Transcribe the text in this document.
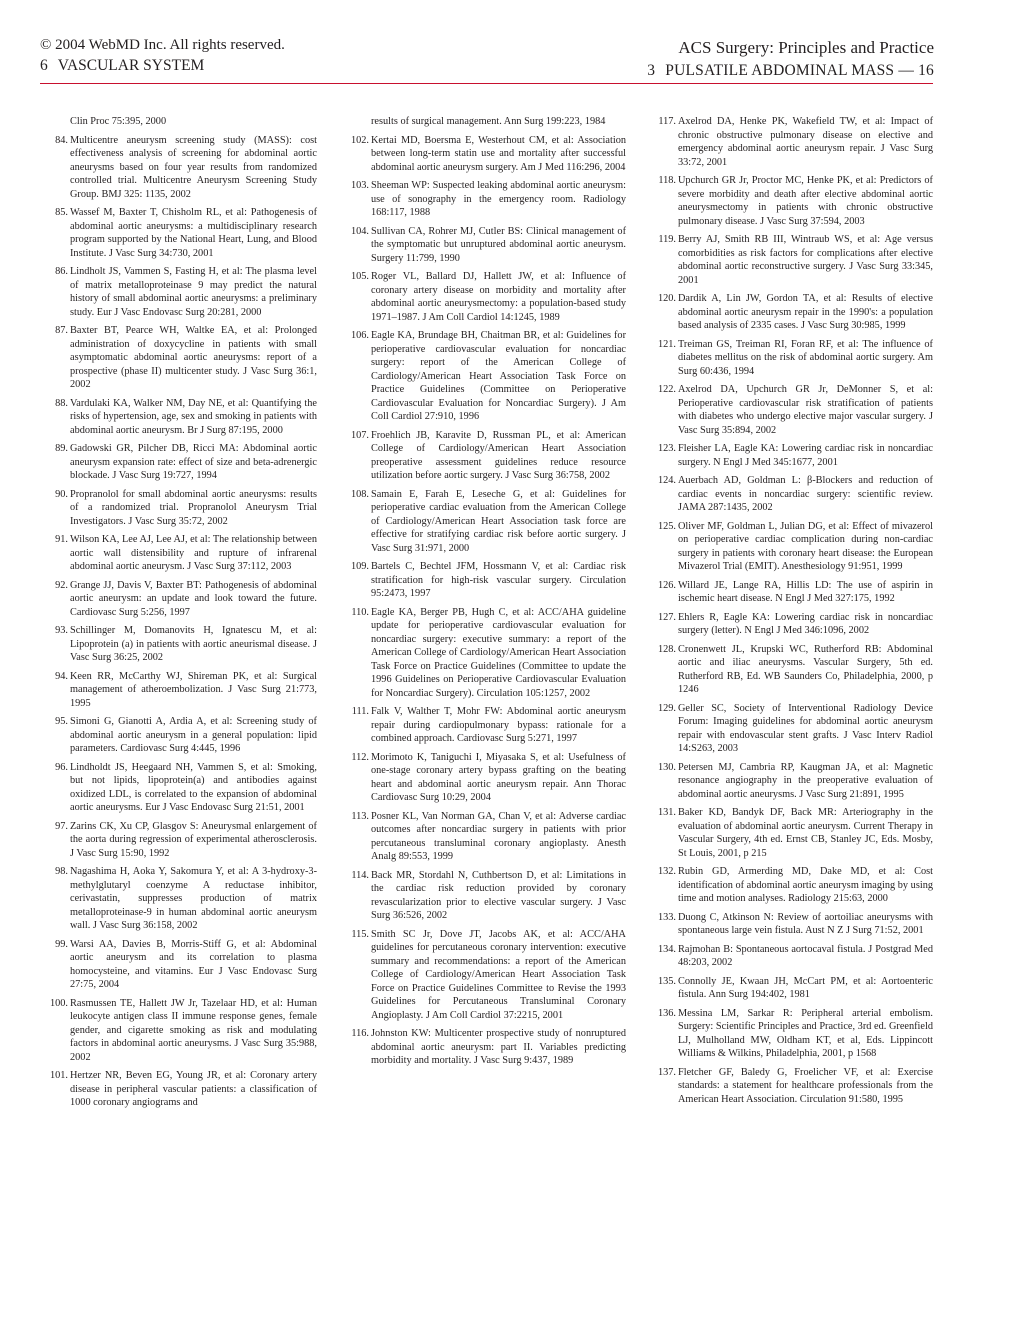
© 2004 WebMD Inc. All rights reserved.
6 VASCULAR SYSTEM
ACS Surgery: Principles and Practice
3 PULSATILE ABDOMINAL MASS — 16
Clin Proc 75:395, 2000
84. Multicentre aneurysm screening study (MASS): cost effectiveness analysis of screening for abdominal aortic aneurysms based on four year results from randomized controlled trial. Multicentre Aneurysm Screening Study Group. BMJ 325: 1135, 2002
85. Wassef M, Baxter T, Chisholm RL, et al: Pathogenesis of abdominal aortic aneurysms: a multidisciplinary research program supported by the National Heart, Lung, and Blood Institute. J Vasc Surg 34:730, 2001
86. Lindholt JS, Vammen S, Fasting H, et al: The plasma level of matrix metalloproteinase 9 may predict the natural history of small abdominal aortic aneurysms: a preliminary study. Eur J Vasc Endovasc Surg 20:281, 2000
87. Baxter BT, Pearce WH, Waltke EA, et al: Prolonged administration of doxycycline in patients with small asymptomatic abdominal aortic aneurysms: report of a prospective (phase II) multicenter study. J Vasc Surg 36:1, 2002
88. Vardulaki KA, Walker NM, Day NE, et al: Quantifying the risks of hypertension, age, sex and smoking in patients with abdominal aortic aneurysm. Br J Surg 87:195, 2000
89. Gadowski GR, Pilcher DB, Ricci MA: Abdominal aortic aneurysm expansion rate: effect of size and beta-adrenergic blockade. J Vasc Surg 19:727, 1994
90. Propranolol for small abdominal aortic aneurysms: results of a randomized trial. Propranolol Aneurysm Trial Investigators. J Vasc Surg 35:72, 2002
91. Wilson KA, Lee AJ, Lee AJ, et al: The relationship between aortic wall distensibility and rupture of infrarenal abdominal aortic aneurysm. J Vasc Surg 37:112, 2003
92. Grange JJ, Davis V, Baxter BT: Pathogenesis of abdominal aortic aneurysm: an update and look toward the future. Cardiovasc Surg 5:256, 1997
93. Schillinger M, Domanovits H, Ignatescu M, et al: Lipoprotein (a) in patients with aortic aneurismal disease. J Vasc Surg 36:25, 2002
94. Keen RR, McCarthy WJ, Shireman PK, et al: Surgical management of atheroembolization. J Vasc Surg 21:773, 1995
95. Simoni G, Gianotti A, Ardia A, et al: Screening study of abdominal aortic aneurysm in a general population: lipid parameters. Cardiovasc Surg 4:445, 1996
96. Lindholdt JS, Heegaard NH, Vammen S, et al: Smoking, but not lipids, lipoprotein(a) and antibodies against oxidized LDL, is correlated to the expansion of abdominal aortic aneurysms. Eur J Vasc Endovasc Surg 21:51, 2001
97. Zarins CK, Xu CP, Glasgov S: Aneurysmal enlargement of the aorta during regression of experimental atherosclerosis. J Vasc Surg 15:90, 1992
98. Nagashima H, Aoka Y, Sakomura Y, et al: A 3-hydroxy-3-methylglutaryl coenzyme A reductase inhibitor, cerivastatin, suppresses production of matrix metalloproteinase-9 in human abdominal aortic aneurysm wall. J Vasc Surg 36:158, 2002
99. Warsi AA, Davies B, Morris-Stiff G, et al: Abdominal aortic aneurysm and its correlation to plasma homocysteine, and vitamins. Eur J Vasc Endovasc Surg 27:75, 2004
100. Rasmussen TE, Hallett JW Jr, Tazelaar HD, et al: Human leukocyte antigen class II immune response genes, female gender, and cigarette smoking as risk and modulating factors in abdominal aortic aneurysms. J Vasc Surg 35:988, 2002
101. Hertzer NR, Beven EG, Young JR, et al: Coronary artery disease in peripheral vascular patients: a classification of 1000 coronary angiograms and
results of surgical management. Ann Surg 199:223, 1984
102. Kertai MD, Boersma E, Westerhout CM, et al: Association between long-term statin use and mortality after successful abdominal aortic aneurysm surgery. Am J Med 116:296, 2004
103. Sheeman WP: Suspected leaking abdominal aortic aneurysm: use of sonography in the emergency room. Radiology 168:117, 1988
104. Sullivan CA, Rohrer MJ, Cutler BS: Clinical management of the symptomatic but unruptured abdominal aortic aneurysm. Surgery 11:799, 1990
105. Roger VL, Ballard DJ, Hallett JW, et al: Influence of coronary artery disease on morbidity and mortality after abdominal aortic aneurysmectomy: a population-based study 1971–1987. J Am Coll Cardiol 14:1245, 1989
106. Eagle KA, Brundage BH, Chaitman BR, et al: Guidelines for perioperative cardiovascular evaluation for noncardiac surgery: report of the American College of Cardiology/American Heart Association Task Force on Practice Guidelines (Committee on Perioperative Cardiovascular Evaluation for Noncardiac Surgery). J Am Coll Cardiol 27:910, 1996
107. Froehlich JB, Karavite D, Russman PL, et al: American College of Cardiology/American Heart Association preoperative assessment guidelines reduce resource utilization before aortic surgery. J Vasc Surg 36:758, 2002
108. Samain E, Farah E, Leseche G, et al: Guidelines for perioperative cardiac evaluation from the American College of Cardiology/American Heart Association task force are effective for stratifying cardiac risk before aortic surgery. J Vasc Surg 31:971, 2000
109. Bartels C, Bechtel JFM, Hossmann V, et al: Cardiac risk stratification for high-risk vascular surgery. Circulation 95:2473, 1997
110. Eagle KA, Berger PB, Hugh C, et al: ACC/AHA guideline update for perioperative cardiovascular evaluation for noncardiac surgery: executive summary: a report of the American College of Cardiology/American Heart Association Task Force on Practice Guidelines (Committee to update the 1996 Guidelines on Perioperative Cardiovascular Evaluation for Noncardiac Surgery). Circulation 105:1257, 2002
111. Falk V, Walther T, Mohr FW: Abdominal aortic aneurysm repair during cardiopulmonary bypass: rationale for a combined approach. Cardiovasc Surg 5:271, 1997
112. Morimoto K, Taniguchi I, Miyasaka S, et al: Usefulness of one-stage coronary artery bypass grafting on the beating heart and abdominal aortic aneurysm repair. Ann Thorac Cardiovasc Surg 10:29, 2004
113. Posner KL, Van Norman GA, Chan V, et al: Adverse cardiac outcomes after noncardiac surgery in patients with prior percutaneous transluminal coronary angioplasty. Anesth Analg 89:553, 1999
114. Back MR, Stordahl N, Cuthbertson D, et al: Limitations in the cardiac risk reduction provided by coronary revascularization prior to elective vascular surgery. J Vasc Surg 36:526, 2002
115. Smith SC Jr, Dove JT, Jacobs AK, et al: ACC/AHA guidelines for percutaneous coronary intervention: executive summary and recommendations: a report of the American College of Cardiology/American Heart Association Task Force on Practice Guidelines Committee to Revise the 1993 Guidelines for Percutaneous Transluminal Coronary Angioplasty. J Am Coll Cardiol 37:2215, 2001
116. Johnston KW: Multicenter prospective study of nonruptured abdominal aortic aneurysm: part II. Variables predicting morbidity and mortality. J Vasc Surg 9:437, 1989
117. Axelrod DA, Henke PK, Wakefield TW, et al: Impact of chronic obstructive pulmonary disease on elective and emergency abdominal aortic aneurysm repair. J Vasc Surg 33:72, 2001
118. Upchurch GR Jr, Proctor MC, Henke PK, et al: Predictors of severe morbidity and death after elective abdominal aortic aneurysmectomy in patients with chronic obstructive pulmonary disease. J Vasc Surg 37:594, 2003
119. Berry AJ, Smith RB III, Wintraub WS, et al: Age versus comorbidities as risk factors for complications after elective abdominal aortic reconstructive surgery. J Vasc Surg 33:345, 2001
120. Dardik A, Lin JW, Gordon TA, et al: Results of elective abdominal aortic aneurysm repair in the 1990's: a population based analysis of 2335 cases. J Vasc Surg 30:985, 1999
121. Treiman GS, Treiman RI, Foran RF, et al: The influence of diabetes mellitus on the risk of abdominal aortic surgery. Am Surg 60:436, 1994
122. Axelrod DA, Upchurch GR Jr, DeMonner S, et al: Perioperative cardiovascular risk stratification of patients with diabetes who undergo elective major vascular surgery. J Vasc Surg 35:894, 2002
123. Fleisher LA, Eagle KA: Lowering cardiac risk in noncardiac surgery. N Engl J Med 345:1677, 2001
124. Auerbach AD, Goldman L: β-Blockers and reduction of cardiac events in noncardiac surgery: scientific review. JAMA 287:1435, 2002
125. Oliver MF, Goldman L, Julian DG, et al: Effect of mivazerol on perioperative cardiac complication during non-cardiac surgery in patients with coronary heart disease: the European Mivazerol Trial (EMIT). Anesthesiology 91:951, 1999
126. Willard JE, Lange RA, Hillis LD: The use of aspirin in ischemic heart disease. N Engl J Med 327:175, 1992
127. Ehlers R, Eagle KA: Lowering cardiac risk in noncardiac surgery (letter). N Engl J Med 346:1096, 2002
128. Cronenwett JL, Krupski WC, Rutherford RB: Abdominal aortic and iliac aneurysms. Vascular Surgery, 5th ed. Rutherford RB, Ed. WB Saunders Co, Philadelphia, 2000, p 1246
129. Geller SC, Society of Interventional Radiology Device Forum: Imaging guidelines for abdominal aortic aneurysm repair with endovascular stent grafts. J Vasc Interv Radiol 14:S263, 2003
130. Petersen MJ, Cambria RP, Kaugman JA, et al: Magnetic resonance angiography in the preoperative evaluation of abdominal aortic aneurysms. J Vasc Surg 21:891, 1995
131. Baker KD, Bandyk DF, Back MR: Arteriography in the evaluation of abdominal aortic aneurysm. Current Therapy in Vascular Surgery, 4th ed. Ernst CB, Stanley JC, Eds. Mosby, St Louis, 2001, p 215
132. Rubin GD, Armerding MD, Dake MD, et al: Cost identification of abdominal aortic aneurysm imaging by using time and motion analyses. Radiology 215:63, 2000
133. Duong C, Atkinson N: Review of aortoiliac aneurysms with spontaneous large vein fistula. Aust N Z J Surg 71:52, 2001
134. Rajmohan B: Spontaneous aortocaval fistula. J Postgrad Med 48:203, 2002
135. Connolly JE, Kwaan JH, McCart PM, et al: Aortoenteric fistula. Ann Surg 194:402, 1981
136. Messina LM, Sarkar R: Peripheral arterial embolism. Surgery: Scientific Principles and Practice, 3rd ed. Greenfield LJ, Mulholland MW, Oldham KT, et al, Eds. Lippincott Williams & Wilkins, Philadelphia, 2001, p 1568
137. Fletcher GF, Baledy G, Froelicher VF, et al: Exercise standards: a statement for healthcare professionals from the American Heart Association. Circulation 91:580, 1995
